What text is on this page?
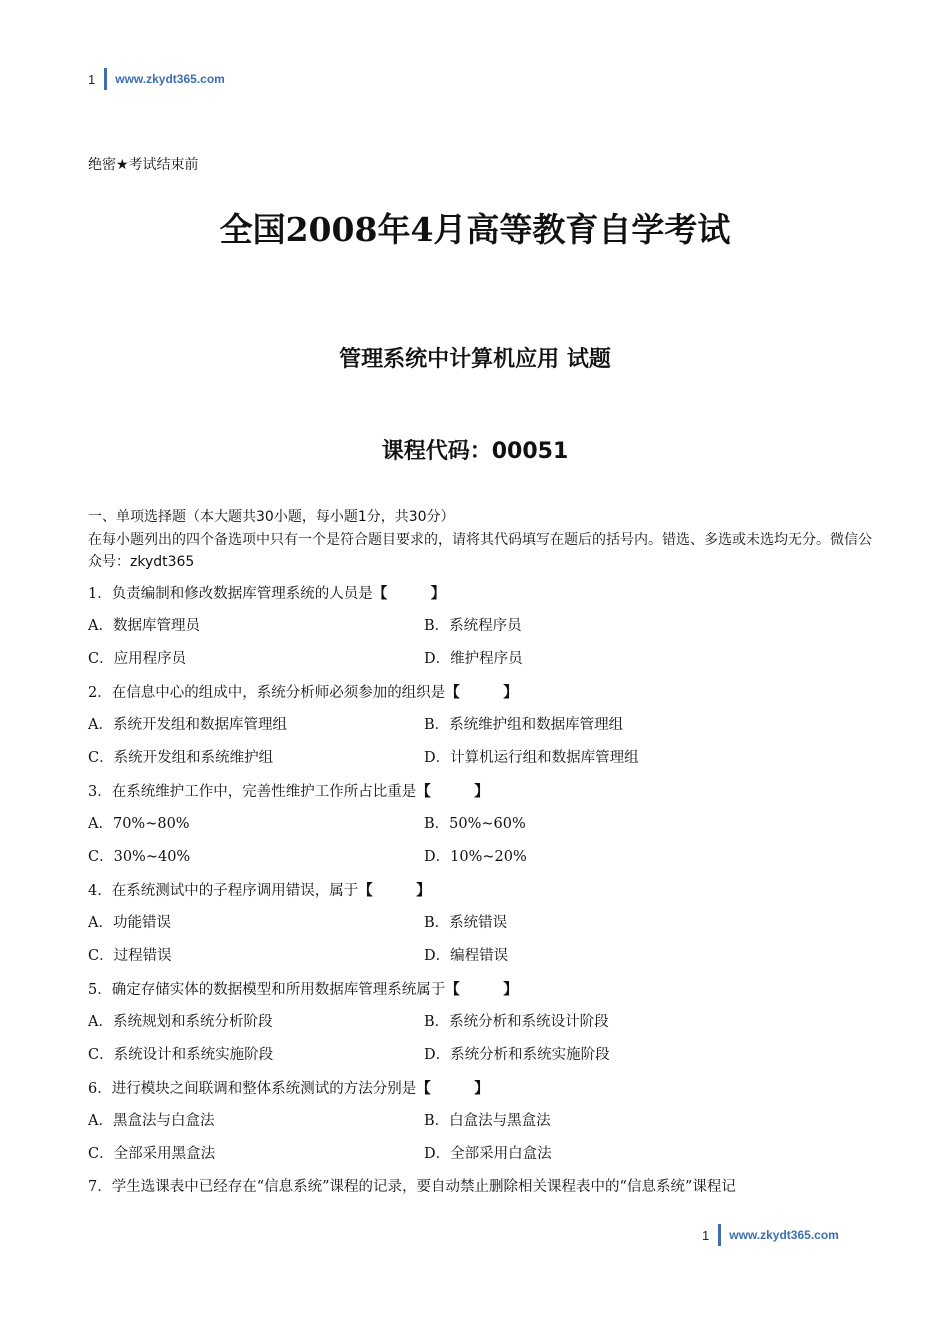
1 www.zkydt365.com
绝密★考试结束前
全国2008年4月高等教育自学考试
管理系统中计算机应用 试题
课程代码：00051
一、单项选择题（本大题共30小题，每小题1分，共30分）
在每小题列出的四个备选项中只有一个是符合题目要求的，请将其代码填写在题后的括号内。错选、多选或未选均无分。微信公众号：zkydt365
1．负责编制和修改数据库管理系统的人员是【　　　】
A．数据库管理员	B．系统程序员
C．应用程序员	D．维护程序员
2．在信息中心的组成中，系统分析师必须参加的组织是【　　　】
A．系统开发组和数据库管理组	B．系统维护组和数据库管理组
C．系统开发组和系统维护组	D．计算机运行组和数据库管理组
3．在系统维护工作中，完善性维护工作所占比重是【　　　】
A．70%~80%	B．50%~60%
C．30%~40%	D．10%~20%
4．在系统测试中的子程序调用错误，属于【　　　】
A．功能错误	B．系统错误
C．过程错误	D．编程错误
5．确定存储实体的数据模型和所用数据库管理系统属于【　　　】
A．系统规划和系统分析阶段	B．系统分析和系统设计阶段
C．系统设计和系统实施阶段	D．系统分析和系统实施阶段
6．进行模块之间联调和整体系统测试的方法分别是【　　　】
A．黑盒法与白盒法	B．白盒法与黑盒法
C．全部采用黑盒法	D．全部采用白盒法
7．学生选课表中已经存在“信息系统”课程的记录，要自动禁止删除相关课程表中的“信息系统”课程记
1 www.zkydt365.com
